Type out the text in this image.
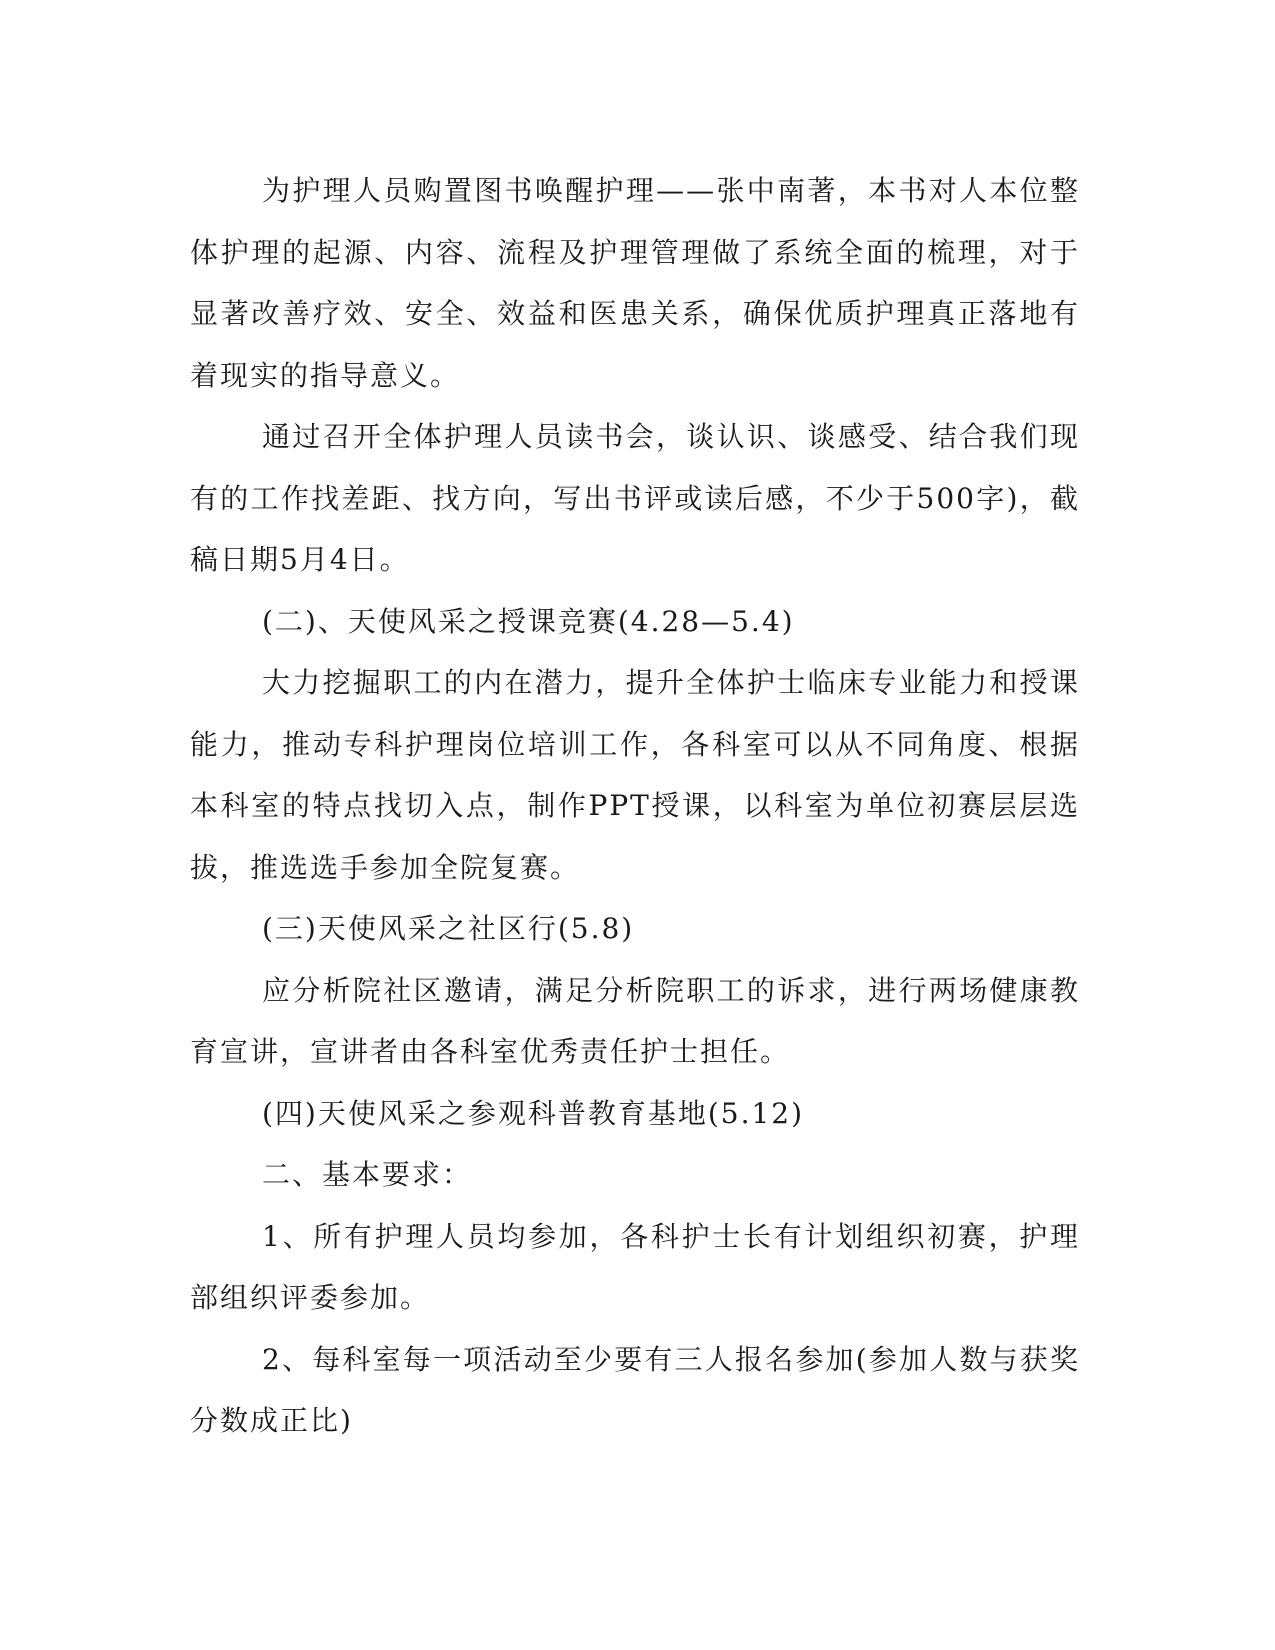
为护理人员购置图书唤醒护理——张中南著，本书对人本位整体护理的起源、内容、流程及护理管理做了系统全面的梳理，对于显著改善疗效、安全、效益和医患关系，确保优质护理真正落地有着现实的指导意义。

通过召开全体护理人员读书会，谈认识、谈感受、结合我们现有的工作找差距、找方向，写出书评或读后感，不少于500字)，截稿日期5月4日。

(二)、天使风采之授课竞赛(4.28—5.4)

大力挖掘职工的内在潜力，提升全体护士临床专业能力和授课能力，推动专科护理岗位培训工作，各科室可以从不同角度、根据本科室的特点找切入点，制作PPT授课，以科室为单位初赛层层选拔，推选选手参加全院复赛。

(三)天使风采之社区行(5.8)

应分析院社区邀请，满足分析院职工的诉求，进行两场健康教育宣讲，宣讲者由各科室优秀责任护士担任。

(四)天使风采之参观科普教育基地(5.12)

二、基本要求：

1、所有护理人员均参加，各科护士长有计划组织初赛，护理部组织评委参加。

2、每科室每一项活动至少要有三人报名参加(参加人数与获奖分数成正比)
